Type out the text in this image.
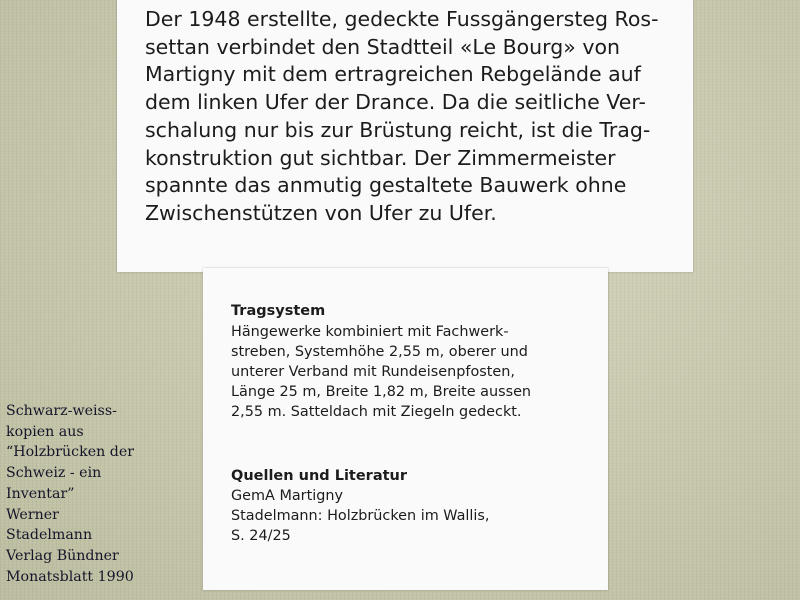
Der 1948 erstellte, gedeckte Fussgängersteg Ros-
settan verbindet den Stadtteil «Le Bourg» von
Martigny mit dem ertragreichen Rebgelände auf
dem linken Ufer der Drance. Da die seitliche Ver-
schalung nur bis zur Brüstung reicht, ist die Trag-
konstruktion gut sichtbar. Der Zimmermeister
spannte das anmutig gestaltete Bauwerk ohne
Zwischenstützen von Ufer zu Ufer.

Tragsystem

Hängewerke kombiniert mit Fachwerk-
streben, Systemhöhe 2,55 m, oberer und
unterer Verband mit Rundeisenpfosten,
Länge 25 m, Breite 1,82 m, Breite aussen
2,55 m. Satteldach mit Ziegeln gedeckt.

Quellen und Literatur

GemA Martigny
Stadelmann: Holzbrücken im Wallis,
S. 24/25

Schwarz-weiss-
kopien aus
“Holzbrücken der
Schweiz - ein
Inventar”
Werner
Stadelmann
Verlag Bündner
Monatsblatt 1990
